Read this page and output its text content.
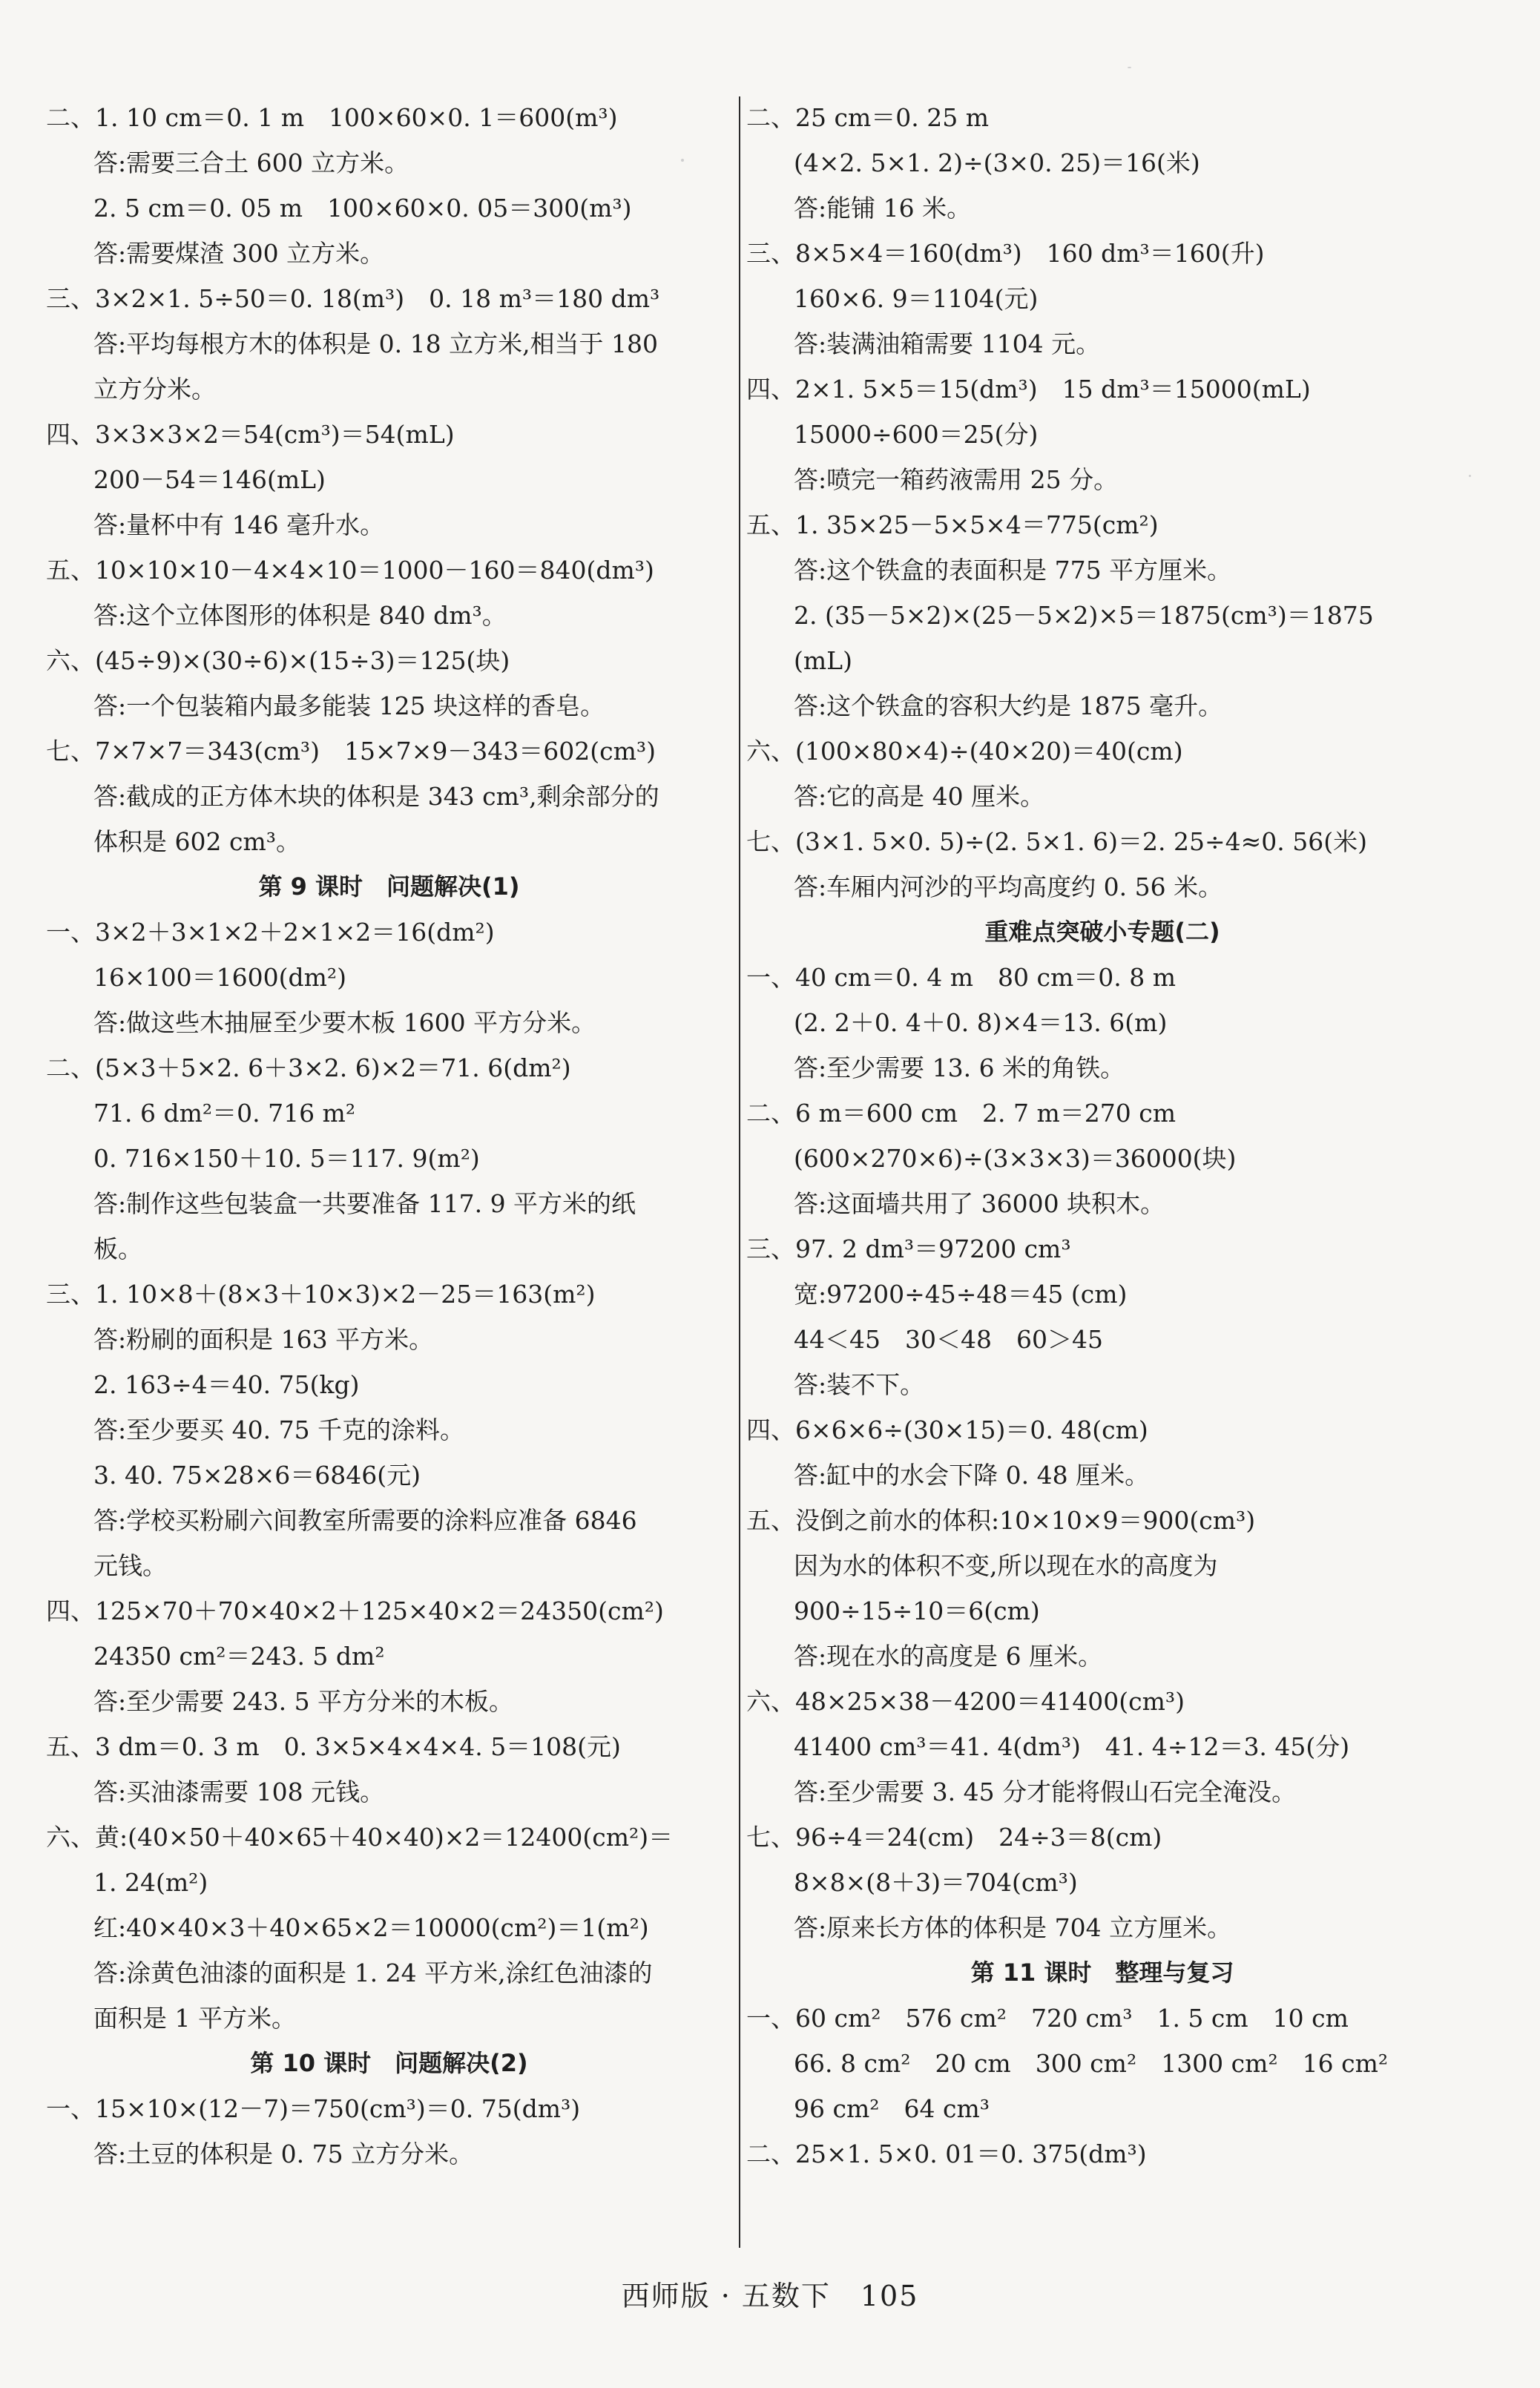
二、1. 10 cm＝0. 1 m　100×60×0. 1＝600(m³)
答:需要三合土 600 立方米。
2. 5 cm＝0. 05 m　100×60×0. 05＝300(m³)
答:需要煤渣 300 立方米。
三、3×2×1. 5÷50＝0. 18(m³)　0. 18 m³＝180 dm³
答:平均每根方木的体积是 0. 18 立方米,相当于 180
立方分米。
四、3×3×3×2＝54(cm³)＝54(mL)
200－54＝146(mL)
答:量杯中有 146 毫升水。
五、10×10×10－4×4×10＝1000－160＝840(dm³)
答:这个立体图形的体积是 840 dm³。
六、(45÷9)×(30÷6)×(15÷3)＝125(块)
答:一个包装箱内最多能装 125 块这样的香皂。
七、7×7×7＝343(cm³)　15×7×9－343＝602(cm³)
答:截成的正方体木块的体积是 343 cm³,剩余部分的
体积是 602 cm³。
第 9 课时　问题解决(1)
一、3×2＋3×1×2＋2×1×2＝16(dm²)
16×100＝1600(dm²)
答:做这些木抽屉至少要木板 1600 平方分米。
二、(5×3＋5×2. 6＋3×2. 6)×2＝71. 6(dm²)
71. 6 dm²＝0. 716 m²
0. 716×150＋10. 5＝117. 9(m²)
答:制作这些包装盒一共要准备 117. 9 平方米的纸
板。
三、1. 10×8＋(8×3＋10×3)×2－25＝163(m²)
答:粉刷的面积是 163 平方米。
2. 163÷4＝40. 75(kg)
答:至少要买 40. 75 千克的涂料。
3. 40. 75×28×6＝6846(元)
答:学校买粉刷六间教室所需要的涂料应准备 6846
元钱。
四、125×70＋70×40×2＋125×40×2＝24350(cm²)
24350 cm²＝243. 5 dm²
答:至少需要 243. 5 平方分米的木板。
五、3 dm＝0. 3 m　0. 3×5×4×4×4. 5＝108(元)
答:买油漆需要 108 元钱。
六、黄:(40×50＋40×65＋40×40)×2＝12400(cm²)＝
1. 24(m²)
红:40×40×3＋40×65×2＝10000(cm²)＝1(m²)
答:涂黄色油漆的面积是 1. 24 平方米,涂红色油漆的
面积是 1 平方米。
第 10 课时　问题解决(2)
一、15×10×(12－7)＝750(cm³)＝0. 75(dm³)
答:土豆的体积是 0. 75 立方分米。
二、25 cm＝0. 25 m
(4×2. 5×1. 2)÷(3×0. 25)＝16(米)
答:能铺 16 米。
三、8×5×4＝160(dm³)　160 dm³＝160(升)
160×6. 9＝1104(元)
答:装满油箱需要 1104 元。
四、2×1. 5×5＝15(dm³)　15 dm³＝15000(mL)
15000÷600＝25(分)
答:喷完一箱药液需用 25 分。
五、1. 35×25－5×5×4＝775(cm²)
答:这个铁盒的表面积是 775 平方厘米。
2. (35－5×2)×(25－5×2)×5＝1875(cm³)＝1875
(mL)
答:这个铁盒的容积大约是 1875 毫升。
六、(100×80×4)÷(40×20)＝40(cm)
答:它的高是 40 厘米。
七、(3×1. 5×0. 5)÷(2. 5×1. 6)＝2. 25÷4≈0. 56(米)
答:车厢内河沙的平均高度约 0. 56 米。
重难点突破小专题(二)
一、40 cm＝0. 4 m　80 cm＝0. 8 m
(2. 2＋0. 4＋0. 8)×4＝13. 6(m)
答:至少需要 13. 6 米的角铁。
二、6 m＝600 cm　2. 7 m＝270 cm
(600×270×6)÷(3×3×3)＝36000(块)
答:这面墙共用了 36000 块积木。
三、97. 2 dm³＝97200 cm³
宽:97200÷45÷48＝45 (cm)
44＜45　30＜48　60＞45
答:装不下。
四、6×6×6÷(30×15)＝0. 48(cm)
答:缸中的水会下降 0. 48 厘米。
五、没倒之前水的体积:10×10×9＝900(cm³)
因为水的体积不变,所以现在水的高度为
900÷15÷10＝6(cm)
答:现在水的高度是 6 厘米。
六、48×25×38－4200＝41400(cm³)
41400 cm³＝41. 4(dm³)　41. 4÷12＝3. 45(分)
答:至少需要 3. 45 分才能将假山石完全淹没。
七、96÷4＝24(cm)　24÷3＝8(cm)
8×8×(8＋3)＝704(cm³)
答:原来长方体的体积是 704 立方厘米。
第 11 课时　整理与复习
一、60 cm²　576 cm²　720 cm³　1. 5 cm　10 cm
66. 8 cm²　20 cm　300 cm²　1300 cm²　16 cm²
96 cm²　64 cm³
二、25×1. 5×0. 01＝0. 375(dm³)
西师版 · 五数下　105
